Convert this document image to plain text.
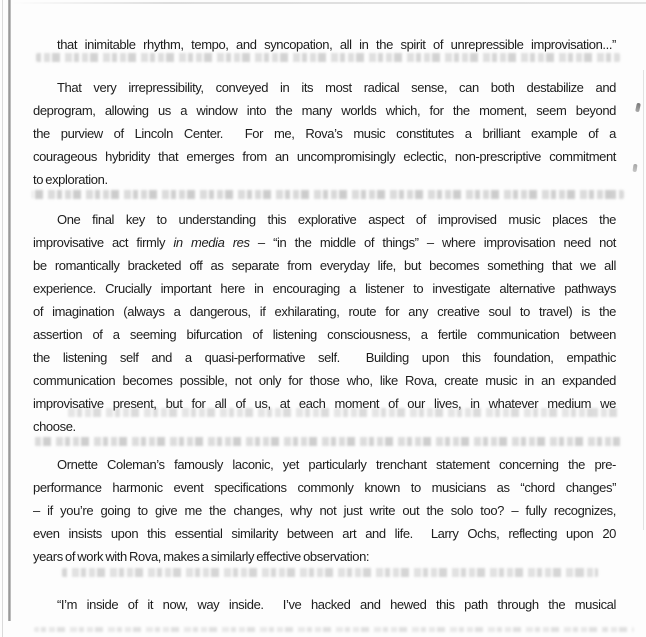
that inimitable rhythm, tempo, and syncopation, all in the spirit of unrepressible improvisation...”
That very irrepressibility, conveyed in its most radical sense, can both destabilize and
deprogram, allowing us a window into the many worlds which, for the moment, seem beyond
the purview of Lincoln Center.  For me, Rova’s music constitutes a brilliant example of a
courageous hybridity that emerges from an uncompromisingly eclectic, non-prescriptive commitment
to exploration.
One final key to understanding this explorative aspect of improvised music places the
improvisative act firmly in media res – “in the middle of things” – where improvisation need not
be romantically bracketed off as separate from everyday life, but becomes something that we all
experience. Crucially important here in encouraging a listener to investigate alternative pathways
of imagination (always a dangerous, if exhilarating, route for any creative soul to travel) is the
assertion of a seeming bifurcation of listening consciousness, a fertile communication between
the listening self and a quasi-performative self.  Building upon this foundation, empathic
communication becomes possible, not only for those who, like Rova, create music in an expanded
improvisative present, but for all of us, at each moment of our lives, in whatever medium we
choose.
Ornette Coleman’s famously laconic, yet particularly trenchant statement concerning the pre-
performance harmonic event specifications commonly known to musicians as “chord changes”
– if you’re going to give me the changes, why not just write out the solo too? – fully recognizes,
even insists upon this essential similarity between art and life.  Larry Ochs, reflecting upon 20
years of work with Rova, makes a similarly effective observation:
“I’m inside of it now, way inside.  I’ve hacked and hewed this path through the musical
